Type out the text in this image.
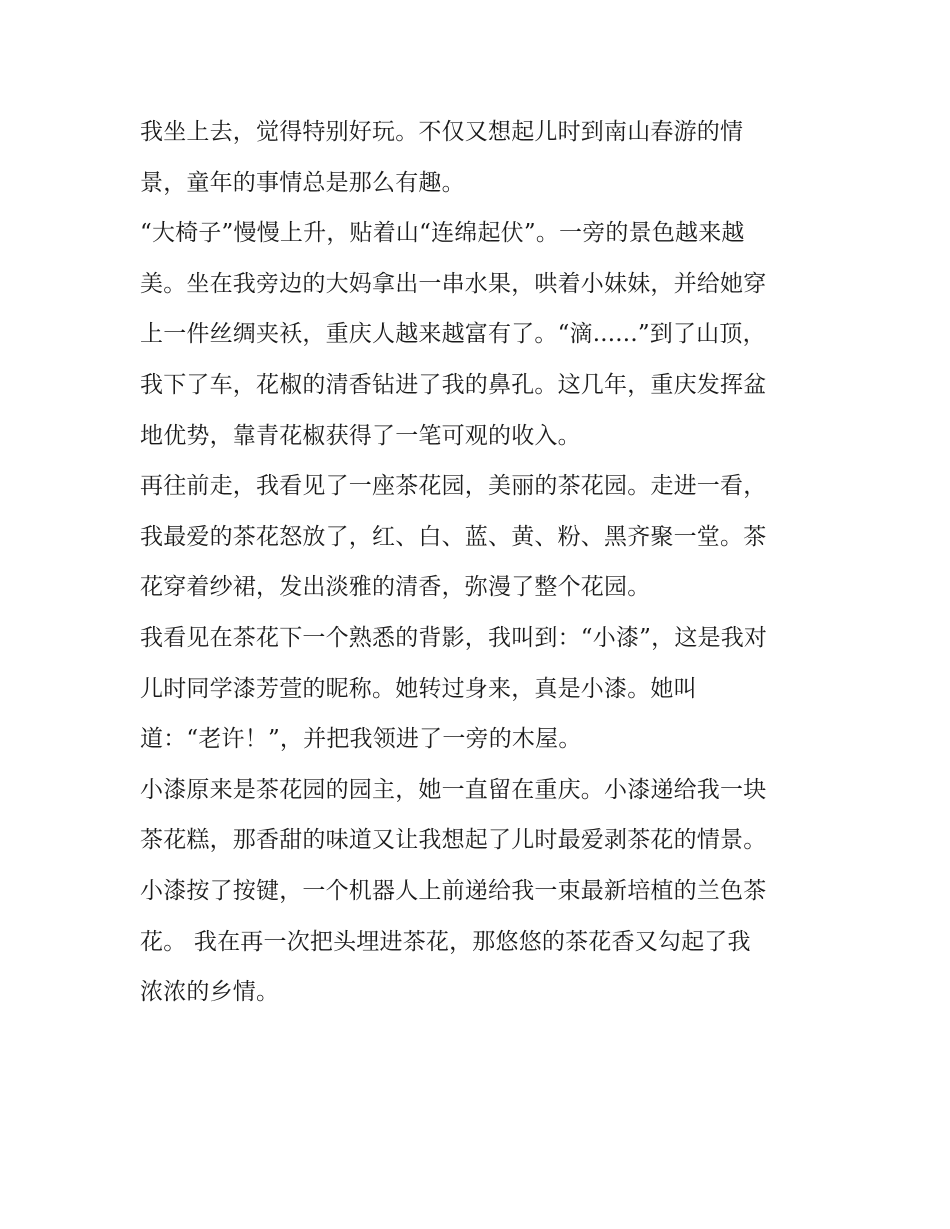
我坐上去，觉得特别好玩。不仅又想起儿时到南山春游的情
景，童年的事情总是那么有趣。
“大椅子”慢慢上升，贴着山“连绵起伏”。一旁的景色越来越
美。坐在我旁边的大妈拿出一串水果，哄着小妹妹，并给她穿
上一件丝绸夹袄，重庆人越来越富有了。“滴......”到了山顶，
我下了车，花椒的清香钻进了我的鼻孔。这几年，重庆发挥盆
地优势，靠青花椒获得了一笔可观的收入。
再往前走，我看见了一座茶花园，美丽的茶花园。走进一看，
我最爱的茶花怒放了，红、白、蓝、黄、粉、黑齐聚一堂。茶
花穿着纱裙，发出淡雅的清香，弥漫了整个花园。
我看见在茶花下一个熟悉的背影，我叫到：“小漆”，这是我对
儿时同学漆芳萱的昵称。她转过身来，真是小漆。她叫
道：“老许！”，并把我领进了一旁的木屋。
小漆原来是茶花园的园主，她一直留在重庆。小漆递给我一块
茶花糕，那香甜的味道又让我想起了儿时最爱剥茶花的情景。
小漆按了按键，一个机器人上前递给我一束最新培植的兰色茶
花。 我在再一次把头埋进茶花，那悠悠的茶花香又勾起了我
浓浓的乡情。
